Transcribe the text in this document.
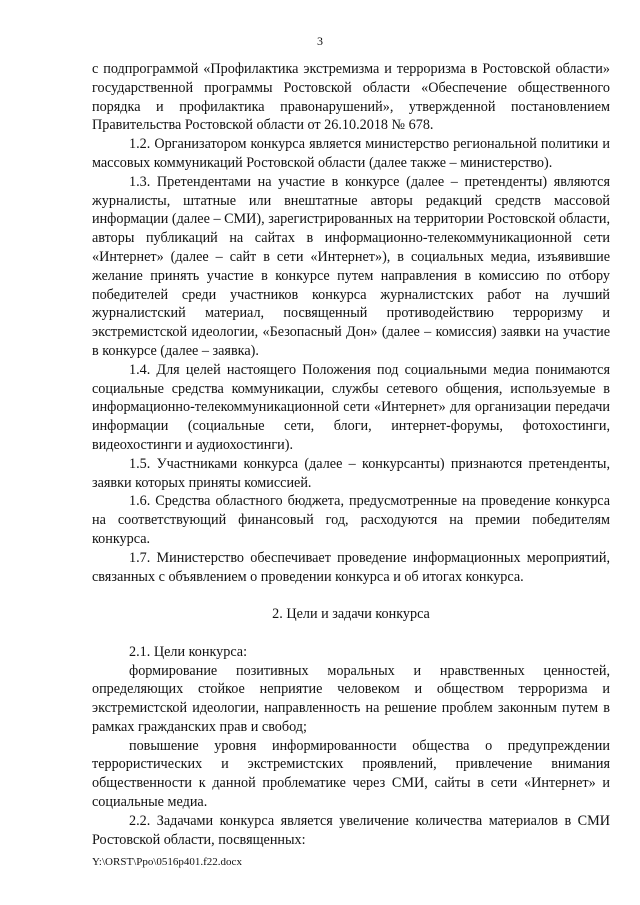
3

с подпрограммой «Профилактика экстремизма и терроризма в Ростовской области» государственной программы Ростовской области «Обеспечение общественного порядка и профилактика правонарушений», утвержденной постановлением Правительства Ростовской области от 26.10.2018 № 678.

1.2. Организатором конкурса является министерство региональной политики и массовых коммуникаций Ростовской области (далее также – министерство).

1.3. Претендентами на участие в конкурсе (далее – претенденты) являются журналисты, штатные или внештатные авторы редакций средств массовой информации (далее – СМИ), зарегистрированных на территории Ростовской области, авторы публикаций на сайтах в информационно-телекоммуникационной сети «Интернет» (далее – сайт в сети «Интернет»), в социальных медиа, изъявившие желание принять участие в конкурсе путем направления в комиссию по отбору победителей среди участников конкурса журналистских работ на лучший журналистский материал, посвященный противодействию терроризму и экстремистской идеологии, «Безопасный Дон» (далее – комиссия) заявки на участие в конкурсе (далее – заявка).

1.4. Для целей настоящего Положения под социальными медиа понимаются социальные средства коммуникации, службы сетевого общения, используемые в информационно-телекоммуникационной сети «Интернет» для организации передачи информации (социальные сети, блоги, интернет-форумы, фотохостинги, видеохостинги и аудиохостинги).

1.5. Участниками конкурса (далее – конкурсанты) признаются претенденты, заявки которых приняты комиссией.

1.6. Средства областного бюджета, предусмотренные на проведение конкурса на соответствующий финансовый год, расходуются на премии победителям конкурса.

1.7. Министерство обеспечивает проведение информационных мероприятий, связанных с объявлением о проведении конкурса и об итогах конкурса.

2. Цели и задачи конкурса

2.1. Цели конкурса:

формирование позитивных моральных и нравственных ценностей, определяющих стойкое неприятие человеком и обществом терроризма и экстремистской идеологии, направленность на решение проблем законным путем в рамках гражданских прав и свобод;

повышение уровня информированности общества о предупреждении террористических и экстремистских проявлений, привлечение внимания общественности к данной проблематике через СМИ, сайты в сети «Интернет» и социальные медиа.

2.2. Задачами конкурса является увеличение количества материалов в СМИ Ростовской области, посвященных:

Y:\ORST\Ppo\0516p401.f22.docx
